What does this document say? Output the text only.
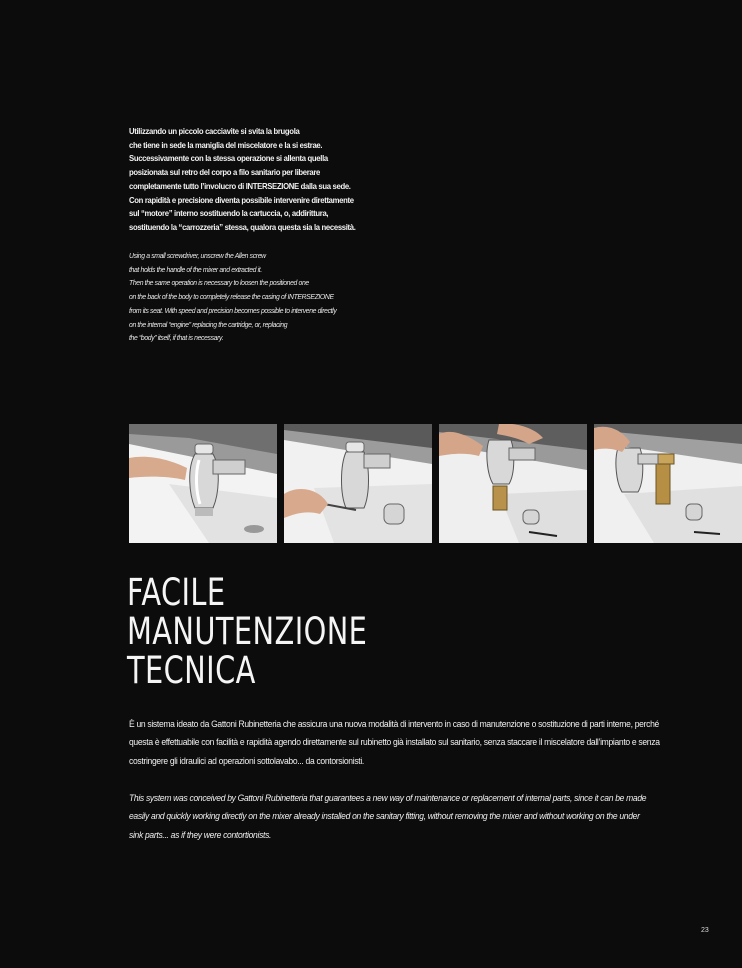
Utilizzando un piccolo cacciavite si svita la brugola
che tiene in sede la maniglia del miscelatore e la si estrae.
Successivamente con la stessa operazione si allenta quella
posizionata sul retro del corpo a filo sanitario per liberare
completamente tutto l’involucro di INTERSEZIONE dalla sua sede.
Con rapidità e precisione diventa possibile intervenire direttamente
sul “motore” interno sostituendo la cartuccia, o, addirittura,
sostituendo la “carrozzeria” stessa, qualora questa sia la necessità.
Using a small screwdriver, unscrew the Allen screw
that holds the handle of the mixer and extracted it.
Then the same operation is necessary to loosen the positioned one
on the back of the body to completely release the casing of INTERSEZIONE
from its seat. With speed and precision becomes possible to intervene directly
on the internal “engine” replacing the cartridge, or, replacing
the “body” itself, if that is necessary.
FACILE
MANUTENZIONE
TECNICA
È un sistema ideato da Gattoni Rubinetteria che assicura una nuova modalità di intervento in caso di manutenzione o sostituzione di parti interne, perché
questa è effettuabile con facilità e rapidità agendo direttamente sul rubinetto già installato sul sanitario, senza staccare il miscelatore dall’impianto e senza
costringere gli idraulici ad operazioni sottolavabo... da contorsionisti.
This system was conceived by Gattoni Rubinetteria that guarantees a new way of maintenance or replacement of internal parts, since it can be made
easily and quickly working directly on the mixer already installed on the sanitary fitting, without removing the mixer and without working on the under
sink parts... as if they were contortionists.
23
